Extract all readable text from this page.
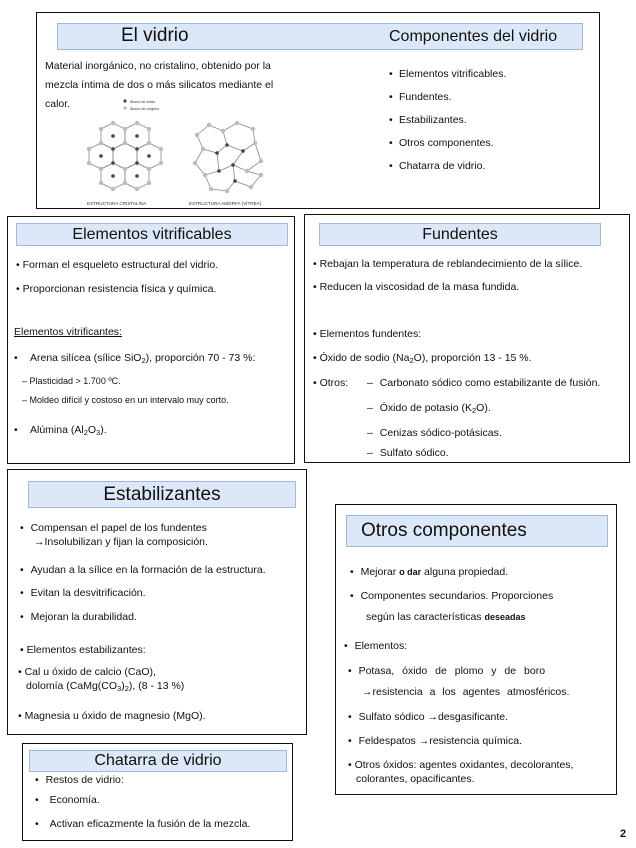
El vidrio	Componentes del vidrio
Material inorgánico, no cristalino, obtenido por la
mezcla íntima de dos o más silicatos mediante el
calor.	Átomo de silicio
Átomo de oxígeno
ESTRUCTURA CRISTALINA	ESTRUCTURA AMORFA (VÍTREA)
• Elementos vitrificables.
• Fundentes.
• Estabilizantes.
• Otros componentes.
• Chatarra de vidrio.
Elementos vitrificables
• Forman el esqueleto estructural del vidrio.
• Proporcionan resistencia física y química.
Elementos vitrificantes:
• Arena silícea (sílice SiO$_2$), proporción 70 - 73 %:
– Plasticidad > 1.700 ºC.
– Moldeo difícil y costoso en un intervalo muy corto.
• Alúmina $(Al_2O_3)$.
Fundentes
• Rebajan la temperatura de reblandecimiento de la sílice.
• Reducen la viscosidad de la masa fundida.
• Elementos fundentes:
• Óxido de sodio $(Na_2O)$, proporción 13 - 15 %.
• Otros: – Carbonato sódico como estabilizante de fusión.
– Óxido de potasio $(K_2O)$.
– Cenizas sódico-potásicas.
– Sulfato sódico.
Estabilizantes
• Compensan el papel de los fundentes
→Insolubilizan y fijan la composición.
• Ayudan a la sílice en la formación de la estructura.
• Evitan la desvitrificación.
• Mejoran la durabilidad.
• Elementos estabilizantes:
• Cal u óxido de calcio (CaO),
dolomía $(CaMg(CO_3)_2)$, (8 - 13 %)
• Magnesia u óxido de magnesio (MgO).
Otros componentes
• Mejorar o dar alguna propiedad.
• Componentes secundarios. Proporciones
según las características deseadas
• Elementos:
• Potasa, óxido de plomo y de boro
→resistencia a los agentes atmosféricos.
• Sulfato sódico →desgasificante.
• Feldespatos →resistencia química.
• Otros óxidos: agentes oxidantes, decolorantes,
colorantes, opacificantes.
Chatarra de vidrio
• Restos de vidrio:
• Economía.
• Activan eficazmente la fusión de la mezcla.
2
